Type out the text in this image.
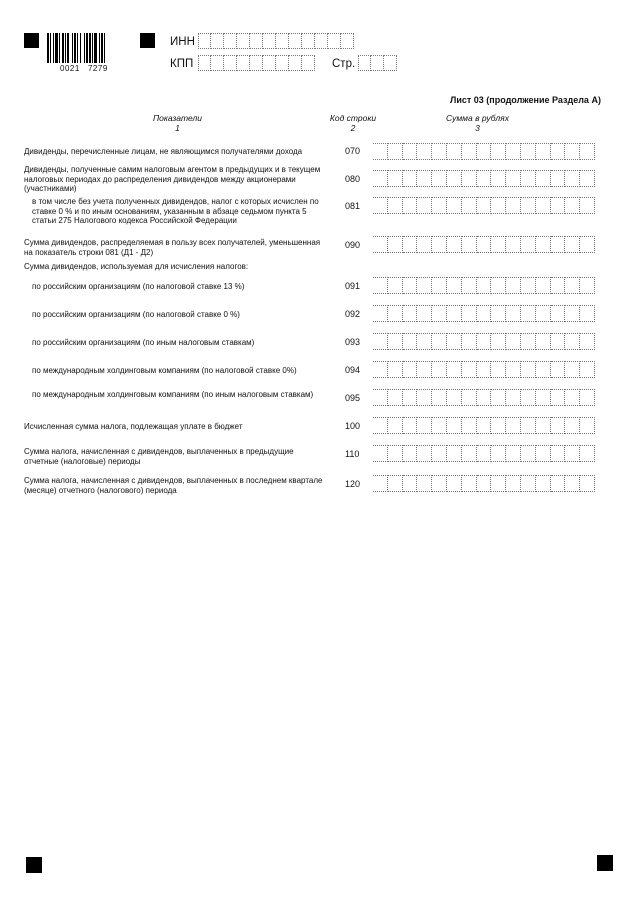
0021   7279
ИНН
КПП	Стр.
Лист 03 (продолжение Раздела А)
Показатели
1
Код строки
2
Сумма в рублях
3
Дивиденды, перечисленные лицам, не являющимся получателями дохода	070
Дивиденды, полученные самим налоговым агентом в предыдущих и в текущем налоговых периодах до распределения дивидендов между акционерами (участниками)
080
в том числе без учета полученных дивидендов, налог с которых исчислен по ставке 0 % и по иным основаниям, указанным в абзаце седьмом пункта 5 статьи 275 Налогового кодекса Российской Федерации
081
Сумма дивидендов, распределяемая в пользу всех получателей, уменьшенная на показатель строки 081 (Д1 - Д2)
090
Сумма дивидендов, используемая для исчисления налогов:
по российским организациям (по налоговой ставке 13 %)	091
по российским организациям (по налоговой ставке 0 %)	092
по российским организациям (по иным налоговым ставкам)	093
по международным холдинговым компаниям (по налоговой ставке 0%)	094
по международным холдинговым компаниям (по иным налоговым ставкам)	095
Исчисленная сумма налога, подлежащая уплате в бюджет	100
Сумма налога, начисленная с дивидендов, выплаченных в предыдущие отчетные (налоговые) периоды
110
Сумма налога, начисленная с дивидендов, выплаченных в последнем квартале (месяце) отчетного (налогового) периода
120
